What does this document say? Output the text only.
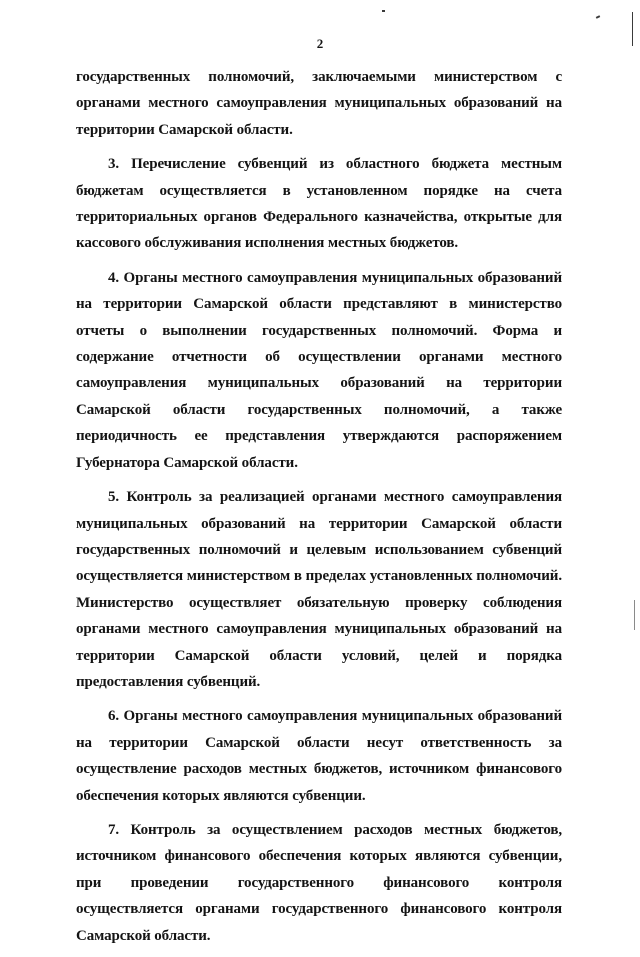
2

государственных полномочий, заключаемыми министерством с органами местного самоуправления муниципальных образований на территории Самарской области.

3. Перечисление субвенций из областного бюджета местным бюджетам осуществляется в установленном порядке на счета территориальных органов Федерального казначейства, открытые для кассового обслуживания исполнения местных бюджетов.

4. Органы местного самоуправления муниципальных образований на территории Самарской области представляют в министерство отчеты о выполнении государственных полномочий. Форма и содержание отчетности об осуществлении органами местного самоуправления муниципальных образований на территории Самарской области государственных полномочий, а также периодичность ее представления утверждаются распоряжением Губернатора Самарской области.

5. Контроль за реализацией органами местного самоуправления муниципальных образований на территории Самарской области государственных полномочий и целевым использованием субвенций осуществляется министерством в пределах установленных полномочий. Министерство осуществляет обязательную проверку соблюдения органами местного самоуправления муниципальных образований на территории Самарской области условий, целей и порядка предоставления субвенций.

6. Органы местного самоуправления муниципальных образований на территории Самарской области несут ответственность за осуществление расходов местных бюджетов, источником финансового обеспечения которых являются субвенции.

7. Контроль за осуществлением расходов местных бюджетов, источником финансового обеспечения которых являются субвенции, при проведении государственного финансового контроля осуществляется органами государственного финансового контроля Самарской области.
